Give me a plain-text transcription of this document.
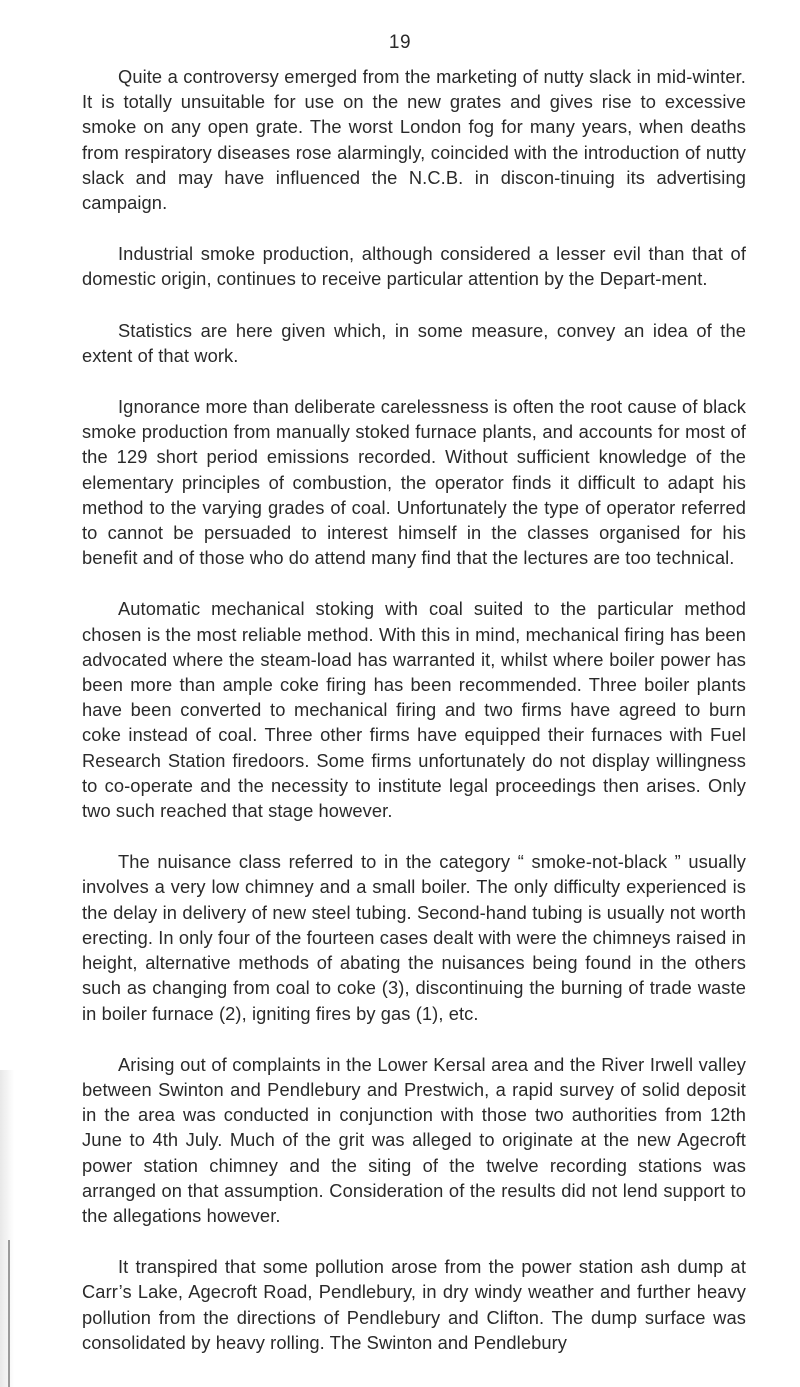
19

Quite a controversy emerged from the marketing of nutty slack in mid-winter. It is totally unsuitable for use on the new grates and gives rise to excessive smoke on any open grate. The worst London fog for many years, when deaths from respiratory diseases rose alarmingly, coincided with the introduction of nutty slack and may have influenced the N.C.B. in discon-tinuing its advertising campaign.

Industrial smoke production, although considered a lesser evil than that of domestic origin, continues to receive particular attention by the Depart-ment.

Statistics are here given which, in some measure, convey an idea of the extent of that work.

Ignorance more than deliberate carelessness is often the root cause of black smoke production from manually stoked furnace plants, and accounts for most of the 129 short period emissions recorded. Without sufficient knowledge of the elementary principles of combustion, the operator finds it difficult to adapt his method to the varying grades of coal. Unfortunately the type of operator referred to cannot be persuaded to interest himself in the classes organised for his benefit and of those who do attend many find that the lectures are too technical.

Automatic mechanical stoking with coal suited to the particular method chosen is the most reliable method. With this in mind, mechanical firing has been advocated where the steam-load has warranted it, whilst where boiler power has been more than ample coke firing has been recommended. Three boiler plants have been converted to mechanical firing and two firms have agreed to burn coke instead of coal. Three other firms have equipped their furnaces with Fuel Research Station firedoors. Some firms unfortunately do not display willingness to co-operate and the necessity to institute legal proceedings then arises. Only two such reached that stage however.

The nuisance class referred to in the category “ smoke-not-black ” usually involves a very low chimney and a small boiler. The only difficulty experienced is the delay in delivery of new steel tubing. Second-hand tubing is usually not worth erecting. In only four of the fourteen cases dealt with were the chimneys raised in height, alternative methods of abating the nuisances being found in the others such as changing from coal to coke (3), discontinuing the burning of trade waste in boiler furnace (2), igniting fires by gas (1), etc.

Arising out of complaints in the Lower Kersal area and the River Irwell valley between Swinton and Pendlebury and Prestwich, a rapid survey of solid deposit in the area was conducted in conjunction with those two authorities from 12th June to 4th July. Much of the grit was alleged to originate at the new Agecroft power station chimney and the siting of the twelve recording stations was arranged on that assumption. Consideration of the results did not lend support to the allegations however.

It transpired that some pollution arose from the power station ash dump at Carr’s Lake, Agecroft Road, Pendlebury, in dry windy weather and further heavy pollution from the directions of Pendlebury and Clifton. The dump surface was consolidated by heavy rolling. The Swinton and Pendlebury
